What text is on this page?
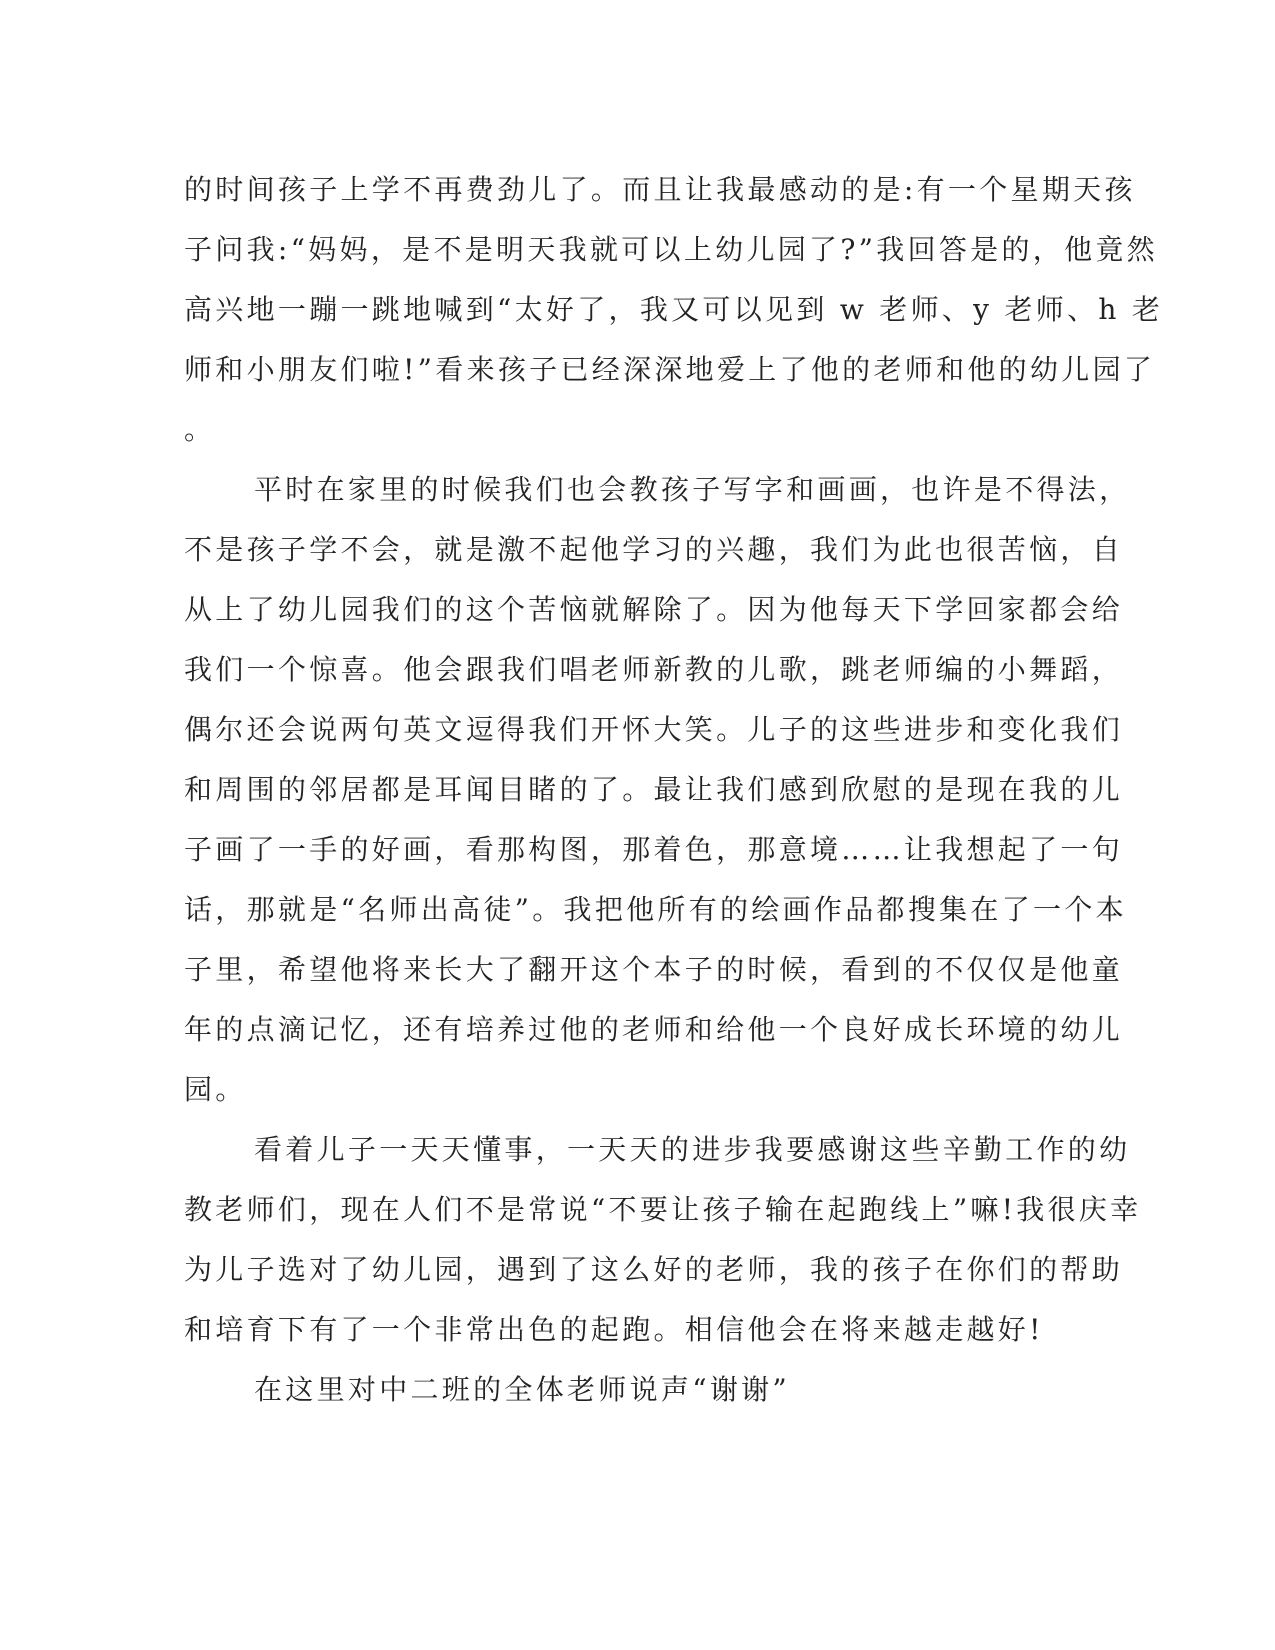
的时间孩子上学不再费劲儿了。而且让我最感动的是:有一个星期天孩
子问我:“妈妈，是不是明天我就可以上幼儿园了?”我回答是的，他竟然
高兴地一蹦一跳地喊到“太好了，我又可以见到 w 老师、y 老师、h 老
师和小朋友们啦!”看来孩子已经深深地爱上了他的老师和他的幼儿园了
。
平时在家里的时候我们也会教孩子写字和画画，也许是不得法，
不是孩子学不会，就是激不起他学习的兴趣，我们为此也很苦恼，自
从上了幼儿园我们的这个苦恼就解除了。因为他每天下学回家都会给
我们一个惊喜。他会跟我们唱老师新教的儿歌，跳老师编的小舞蹈，
偶尔还会说两句英文逗得我们开怀大笑。儿子的这些进步和变化我们
和周围的邻居都是耳闻目睹的了。最让我们感到欣慰的是现在我的儿
子画了一手的好画，看那构图，那着色，那意境……让我想起了一句
话，那就是“名师出高徒”。我把他所有的绘画作品都搜集在了一个本
子里，希望他将来长大了翻开这个本子的时候，看到的不仅仅是他童
年的点滴记忆，还有培养过他的老师和给他一个良好成长环境的幼儿
园。
看着儿子一天天懂事，一天天的进步我要感谢这些辛勤工作的幼
教老师们，现在人们不是常说“不要让孩子输在起跑线上”嘛!我很庆幸
为儿子选对了幼儿园，遇到了这么好的老师，我的孩子在你们的帮助
和培育下有了一个非常出色的起跑。相信他会在将来越走越好!
在这里对中二班的全体老师说声“谢谢”
